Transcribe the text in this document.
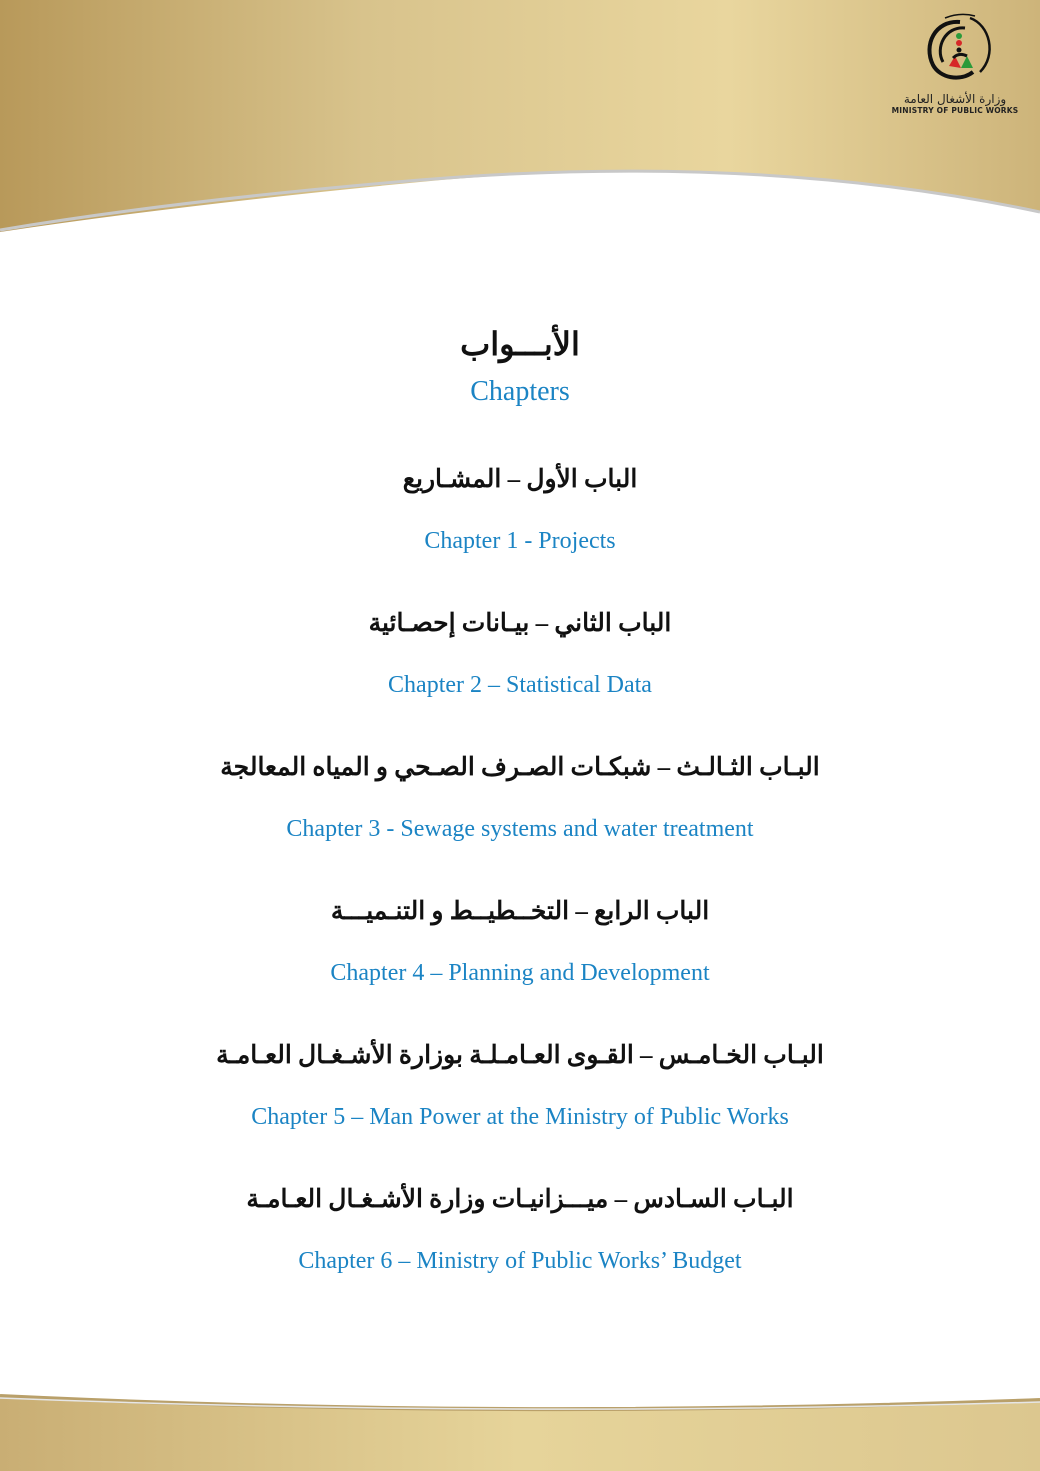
وزارة الأشغال العامة
MINISTRY OF PUBLIC WORKS
الأبـــواب
Chapters
الباب الأول – المشـاريع
Chapter 1 - Projects
الباب الثاني – بيـانات إحصـائية
Chapter 2 – Statistical Data
البـاب الثـالـث – شبكـات الصـرف الصـحي و المياه المعالجة
Chapter 3 - Sewage systems and water treatment
الباب الرابع – التخــطيــط و التنـميـــة
Chapter 4 – Planning and Development
البـاب الخـامـس – القـوى العـامـلـة بوزارة الأشـغـال العـامـة
Chapter 5 – Man Power at the Ministry of Public Works
البـاب السـادس – ميـــزانيـات وزارة الأشـغـال العـامـة
Chapter 6 – Ministry of Public Works’ Budget
